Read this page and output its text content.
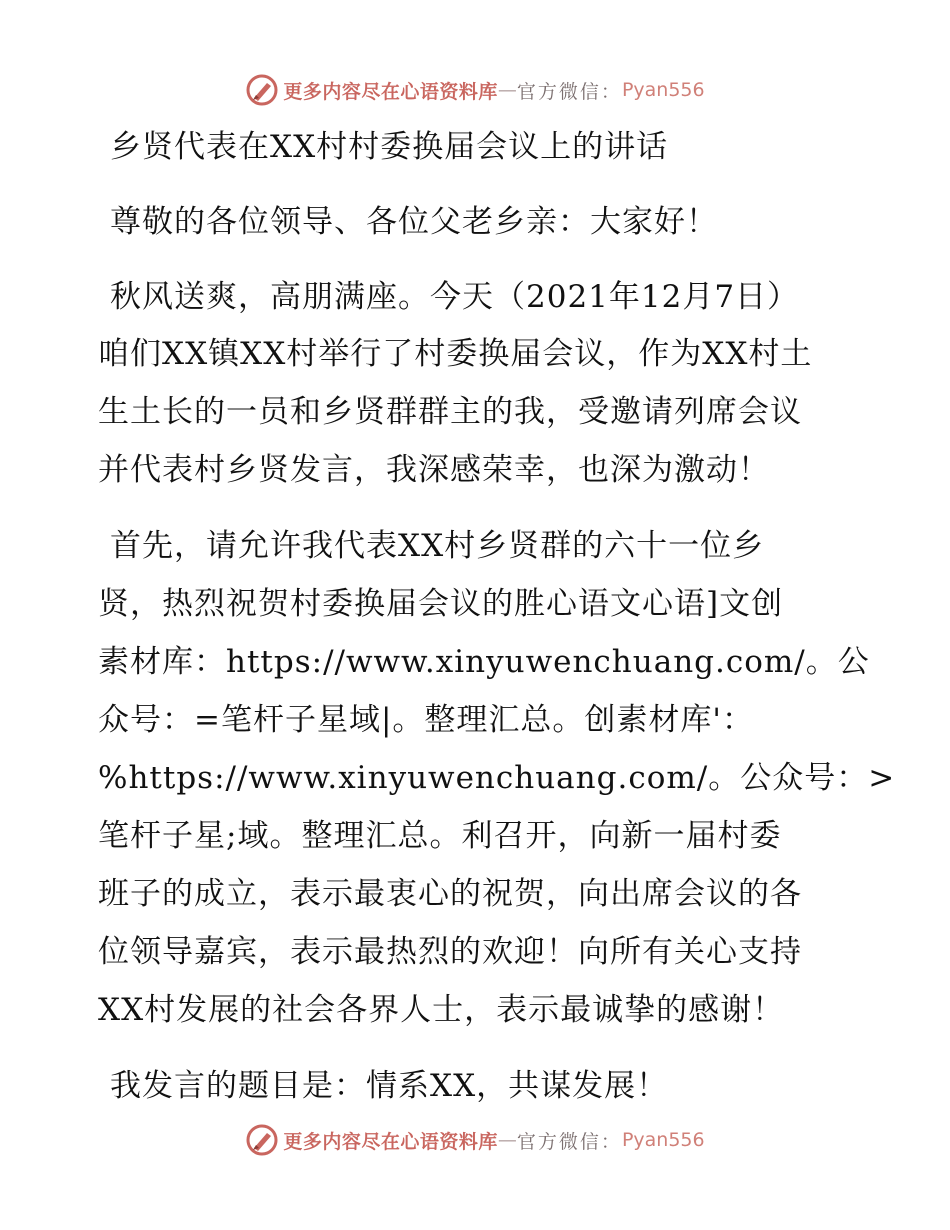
更多内容尽在心语资料库 — 官方微信： Pyan556
乡贤代表在XX村村委换届会议上的讲话
尊敬的各位领导、各位父老乡亲：大家好！
秋风送爽，高朋满座。今天（2021年12月7日）
咱们XX镇XX村举行了村委换届会议，作为XX村土
生土长的一员和乡贤群群主的我，受邀请列席会议
并代表村乡贤发言，我深感荣幸，也深为激动！
首先，请允许我代表XX村乡贤群的六十一位乡
贤，热烈祝贺村委换届会议的胜心语文心语]文创
素材库：https://www.xinyuwenchuang.com/。公
众号：=笔杆子星域|。整理汇总。创素材库'：
%https://www.xinyuwenchuang.com/。公众号：>
笔杆子星;域。整理汇总。利召开，向新一届村委
班子的成立，表示最衷心的祝贺，向出席会议的各
位领导嘉宾，表示最热烈的欢迎！向所有关心支持
XX村发展的社会各界人士，表示最诚挚的感谢！
我发言的题目是：情系XX，共谋发展！
更多内容尽在心语资料库 — 官方微信： Pyan556
